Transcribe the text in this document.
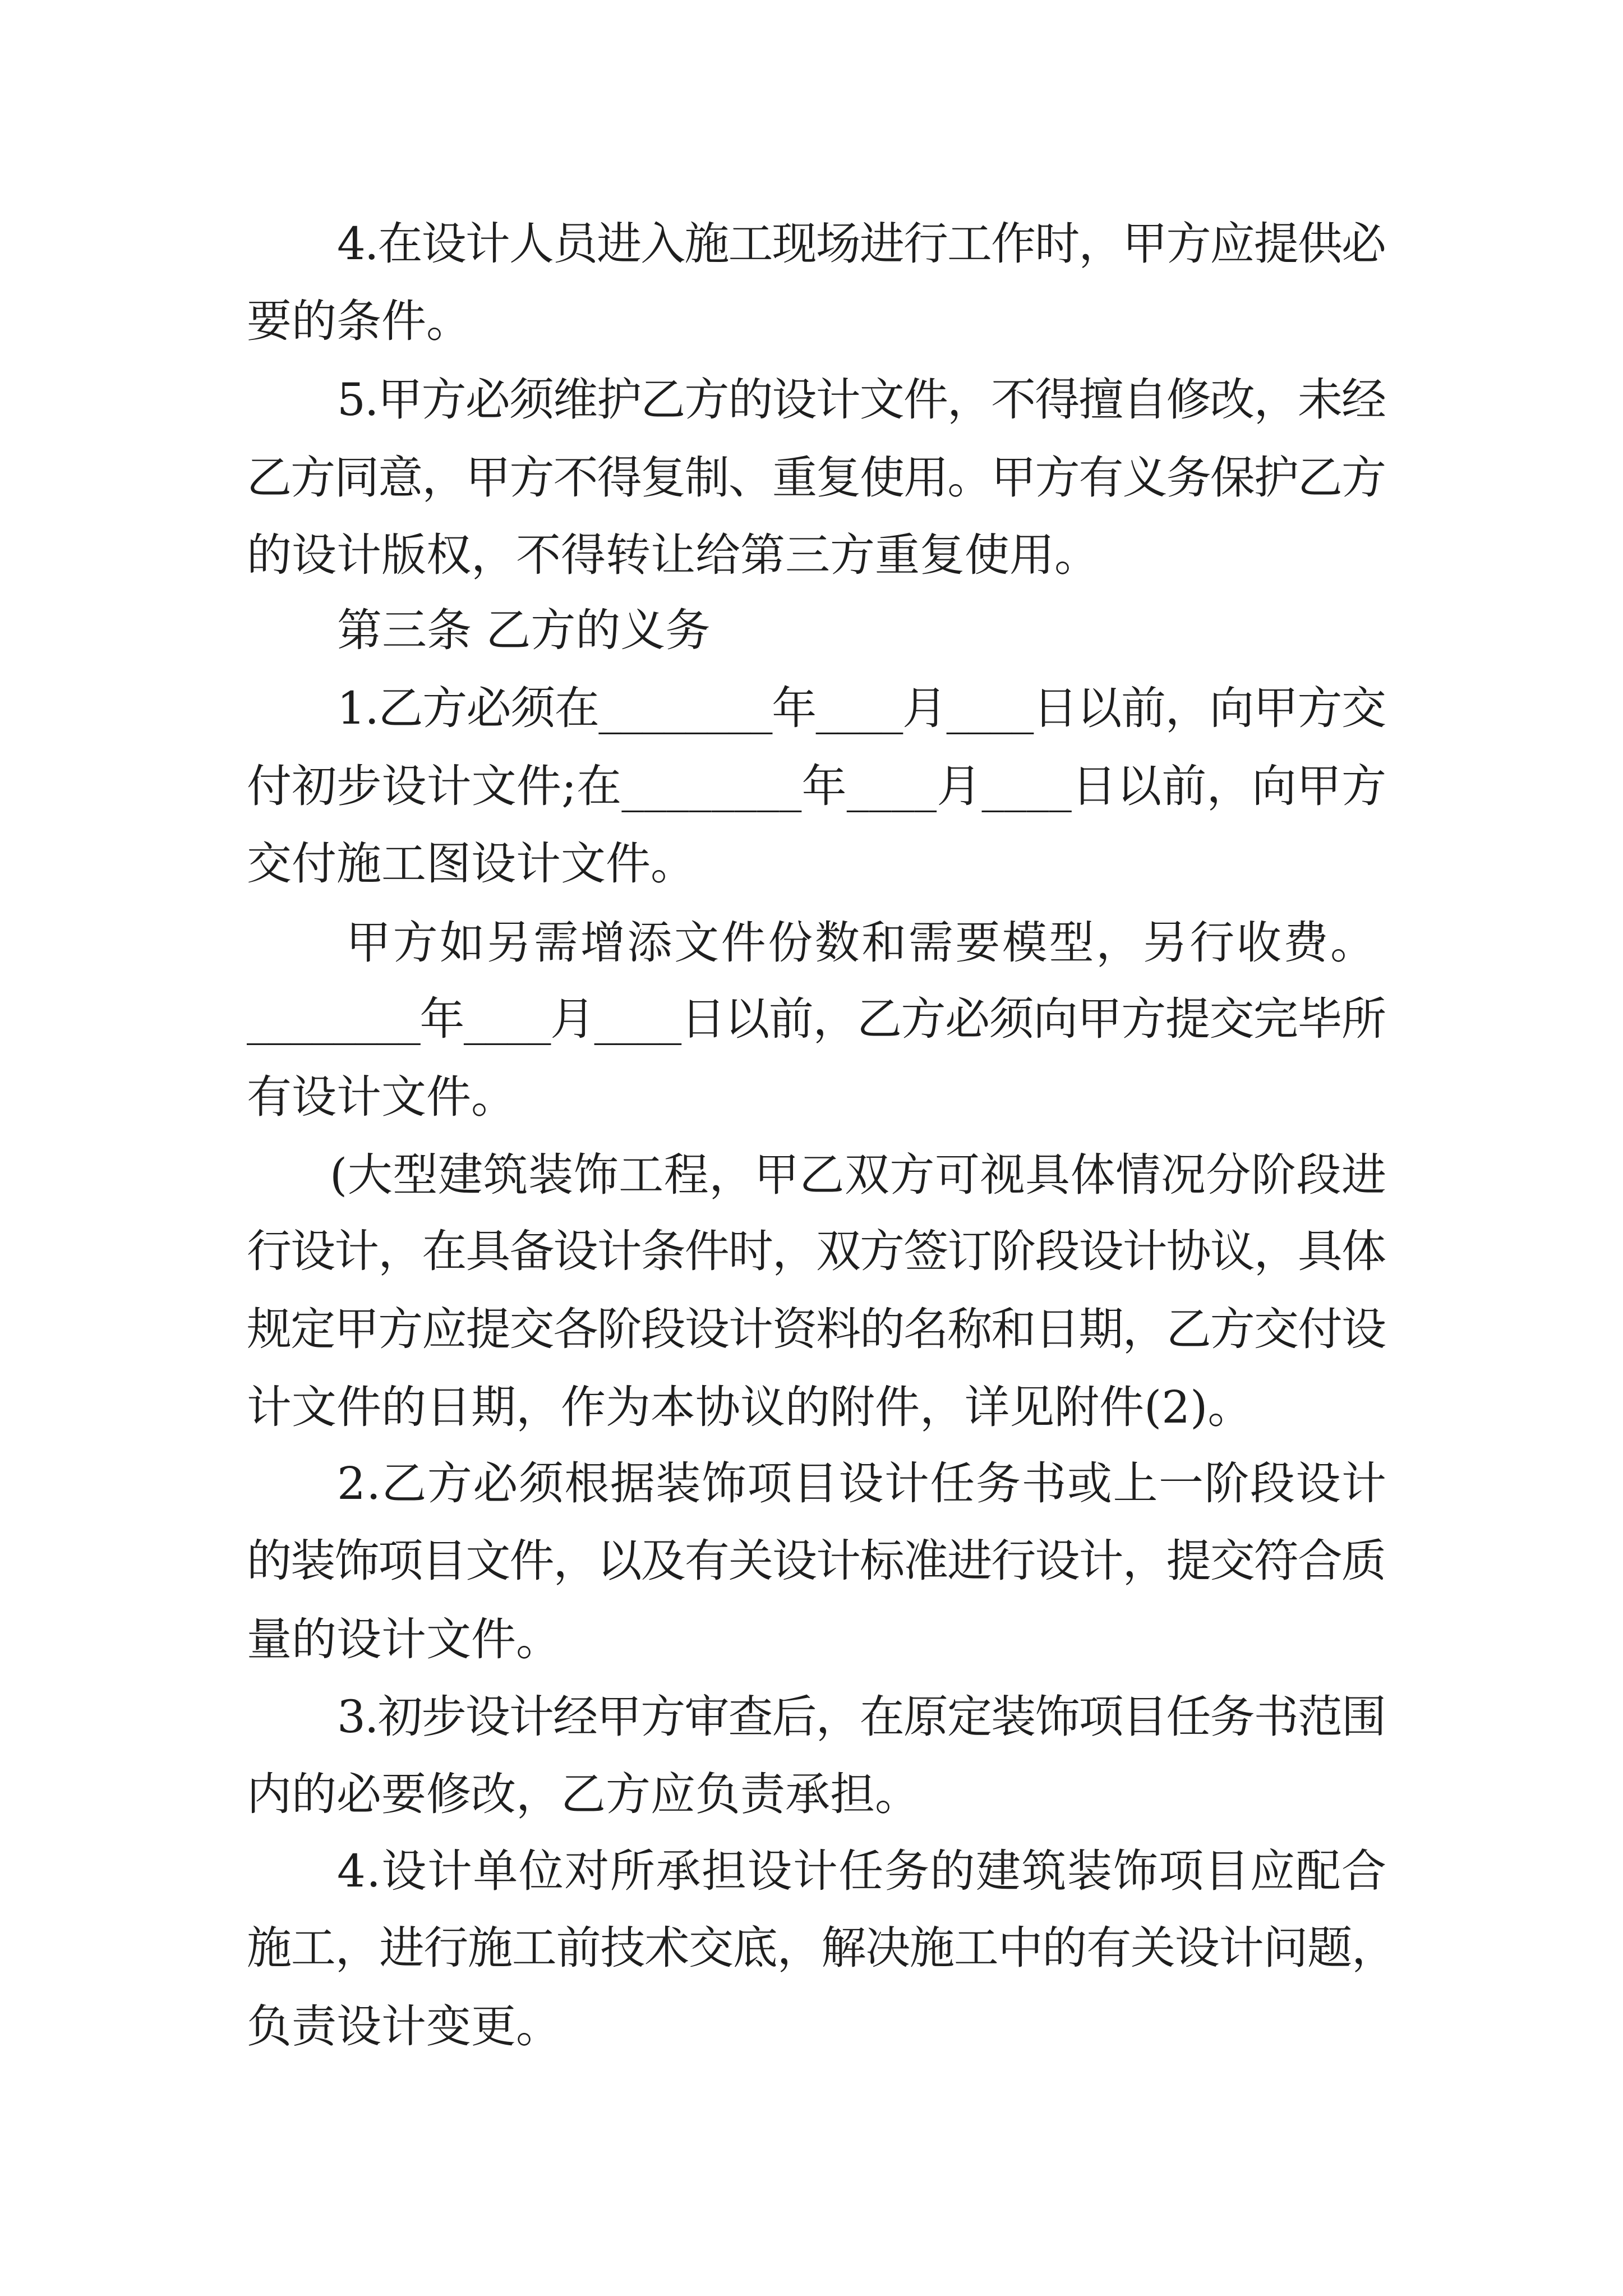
4.在设计人员进入施工现场进行工作时，甲方应提供必
要的条件。
5.甲方必须维护乙方的设计文件，不得擅自修改，未经
乙方同意，甲方不得复制、重复使用。甲方有义务保护乙方
的设计版权，不得转让给第三方重复使用。
第三条 乙方的义务
1.乙方必须在________年____月____日以前，向甲方交
付初步设计文件;在________年____月____日以前，向甲方
交付施工图设计文件。
甲方如另需增添文件份数和需要模型，另行收费。
________年____月____日以前，乙方必须向甲方提交完毕所
有设计文件。
(大型建筑装饰工程，甲乙双方可视具体情况分阶段进
行设计，在具备设计条件时，双方签订阶段设计协议，具体
规定甲方应提交各阶段设计资料的名称和日期，乙方交付设
计文件的日期，作为本协议的附件，详见附件(2)。
2.乙方必须根据装饰项目设计任务书或上一阶段设计
的装饰项目文件，以及有关设计标准进行设计，提交符合质
量的设计文件。
3.初步设计经甲方审查后，在原定装饰项目任务书范围
内的必要修改，乙方应负责承担。
4.设计单位对所承担设计任务的建筑装饰项目应配合
施工，进行施工前技术交底，解决施工中的有关设计问题，
负责设计变更。
